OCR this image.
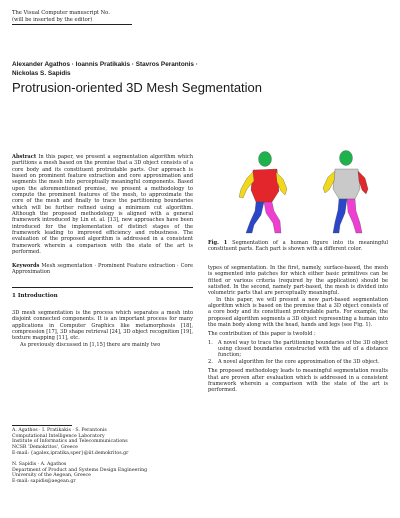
The Visual Computer manuscript No.
(will be inserted by the editor)
Alexander Agathos · Ioannis Pratikakis · Stavros Perantonis ·
Nickolas S. Sapidis
Protrusion-oriented 3D Mesh Segmentation
Abstract In this paper, we present a segmentation algorithm which partitions a mesh based on the premise that a 3D object consists of a core body and its constituent protrudable parts. Our approach is based on prominent feature extraction and core approximation and segments the mesh into perceptually meaningful components. Based upon the aforementioned premise, we present a methodology to compute the prominent features of the mesh, to approximate the core of the mesh and finally to trace the partitioning boundaries which will be further refined using a minimum cut algorithm. Although the proposed methodology is aligned with a general framework introduced by Lin et. al. [13], new approaches have been introduced for the implementation of distinct stages of the framework leading to improved efficiency and robustness. The evaluation of the proposed algorithm is addressed in a consistent framework wherein a comparison with the state of the art is performed.
Keywords Mesh segmentation · Prominent Feature extraction · Core Approximation
1 Introduction
3D mesh segmentation is the process which separates a mesh into disjoint connected components. It is an important process for many applications in Computer Graphics like metamorphosis [18], compression [17], 3D shape retrieval [24], 3D object recognition [19], texture mapping [11], etc.
As previously discussed in [1,15] there are mainly two
A. Agathos · I. Pratikakis · S. Perantonis
Computational Intelligence Laboratory
Institute of Informatics and Telecommunications
NCSR 'Demokritos', Greece
E-mail: {agalex,ipratika,sper}@iit.demokritos.gr
N. Sapidis · A. Agathos
Department of Product and Systems Design Engineering
University of the Aegean, Greece
E-mail: sapidis@aegean.gr
Fig. 1 Segmentation of a human figure into its meaningful constituent parts. Each part is shown with a different color.
types of segmentation. In the first, namely, surface-based, the mesh is segmented into patches for which either basic primitives can be fitted or various criteria (required by the application) should be satisfied. In the second, namely part-based, the mesh is divided into volumetric parts that are perceptually meaningful.
In this paper, we will present a new part-based segmentation algorithm which is based on the premise that a 3D object consists of a core body and its constituent protrudable parts. For example, the proposed algorithm segments a 3D object representing a human into the main body along with the head, hands and legs (see Fig. 1).
The contribution of this paper is twofold :
1.	A novel way to trace the partitioning boundaries of the 3D object using closed boundaries constructed with the aid of a distance function;
2.	A novel algorithm for the core approximation of the 3D object.
The proposed methodology leads to meaningful segmentation results that are proven after evaluation which is addressed in a consistent framework wherein a comparison with the state of the art is performed.
